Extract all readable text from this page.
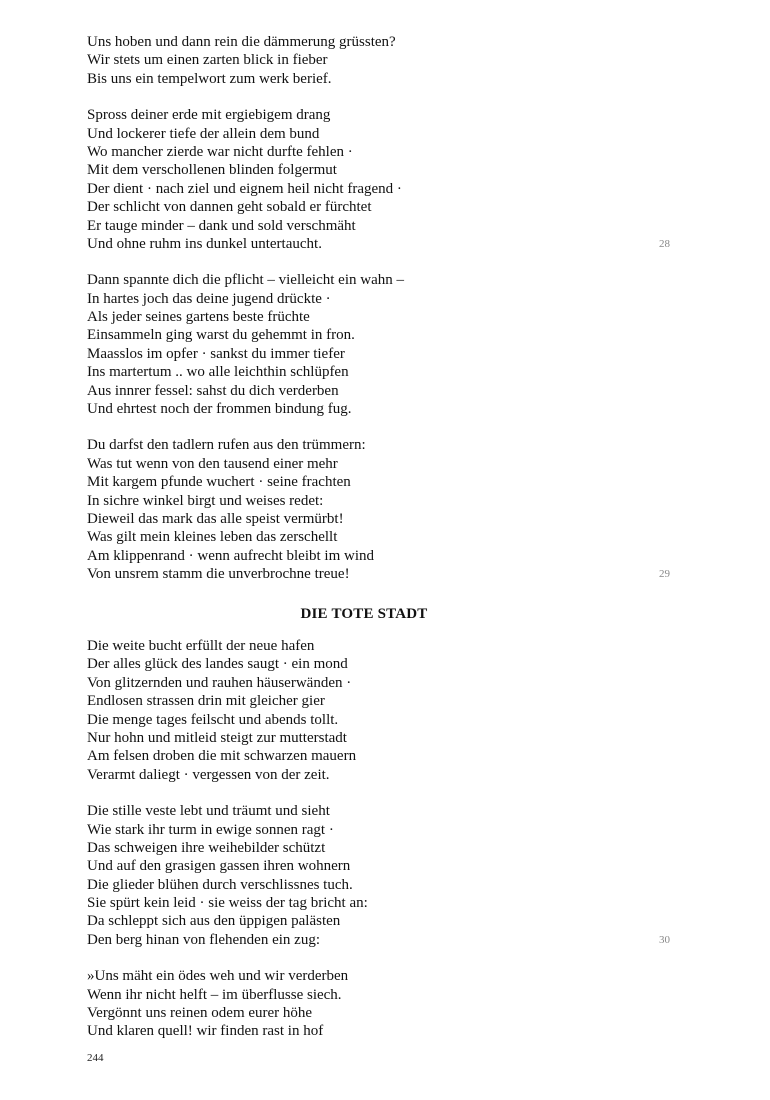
Uns hoben und dann rein die dämmerung grüssten?
Wir stets um einen zarten blick in fieber
Bis uns ein tempelwort zum werk berief.
Spross deiner erde mit ergiebigem drang
Und lockerer tiefe der allein dem bund
Wo mancher zierde war nicht durfte fehlen ·
Mit dem verschollenen blinden folgermut
Der dient · nach ziel und eignem heil nicht fragend ·
Der schlicht von dannen geht sobald er fürchtet
Er tauge minder – dank und sold verschmäht
Und ohne ruhm ins dunkel untertaucht.	28
Dann spannte dich die pflicht – vielleicht ein wahn –
In hartes joch das deine jugend drückte ·
Als jeder seines gartens beste früchte
Einsammeln ging warst du gehemmt in fron.
Maasslos im opfer · sankst du immer tiefer
Ins martertum .. wo alle leichthin schlüpfen
Aus innrer fessel: sahst du dich verderben
Und ehrtest noch der frommen bindung fug.
Du darfst den tadlern rufen aus den trümmern:
Was tut wenn von den tausend einer mehr
Mit kargem pfunde wuchert · seine frachten
In sichre winkel birgt und weises redet:
Dieweil das mark das alle speist vermürbt!
Was gilt mein kleines leben das zerschellt
Am klippenrand · wenn aufrecht bleibt im wind
Von unsrem stamm die unverbrochne treue!	29
DIE TOTE STADT
Die weite bucht erfüllt der neue hafen
Der alles glück des landes saugt · ein mond
Von glitzernden und rauhen häuserwänden ·
Endlosen strassen drin mit gleicher gier
Die menge tages feilscht und abends tollt.
Nur hohn und mitleid steigt zur mutterstadt
Am felsen droben die mit schwarzen mauern
Verarmt daliegt · vergessen von der zeit.
Die stille veste lebt und träumt und sieht
Wie stark ihr turm in ewige sonnen ragt ·
Das schweigen ihre weihebilder schützt
Und auf den grasigen gassen ihren wohnern
Die glieder blühen durch verschlissnes tuch.
Sie spürt kein leid · sie weiss der tag bricht an:
Da schleppt sich aus den üppigen palästen
Den berg hinan von flehenden ein zug:	30
»Uns mäht ein ödes weh und wir verderben
Wenn ihr nicht helft – im überflusse siech.
Vergönnt uns reinen odem eurer höhe
Und klaren quell! wir finden rast in hof
244
